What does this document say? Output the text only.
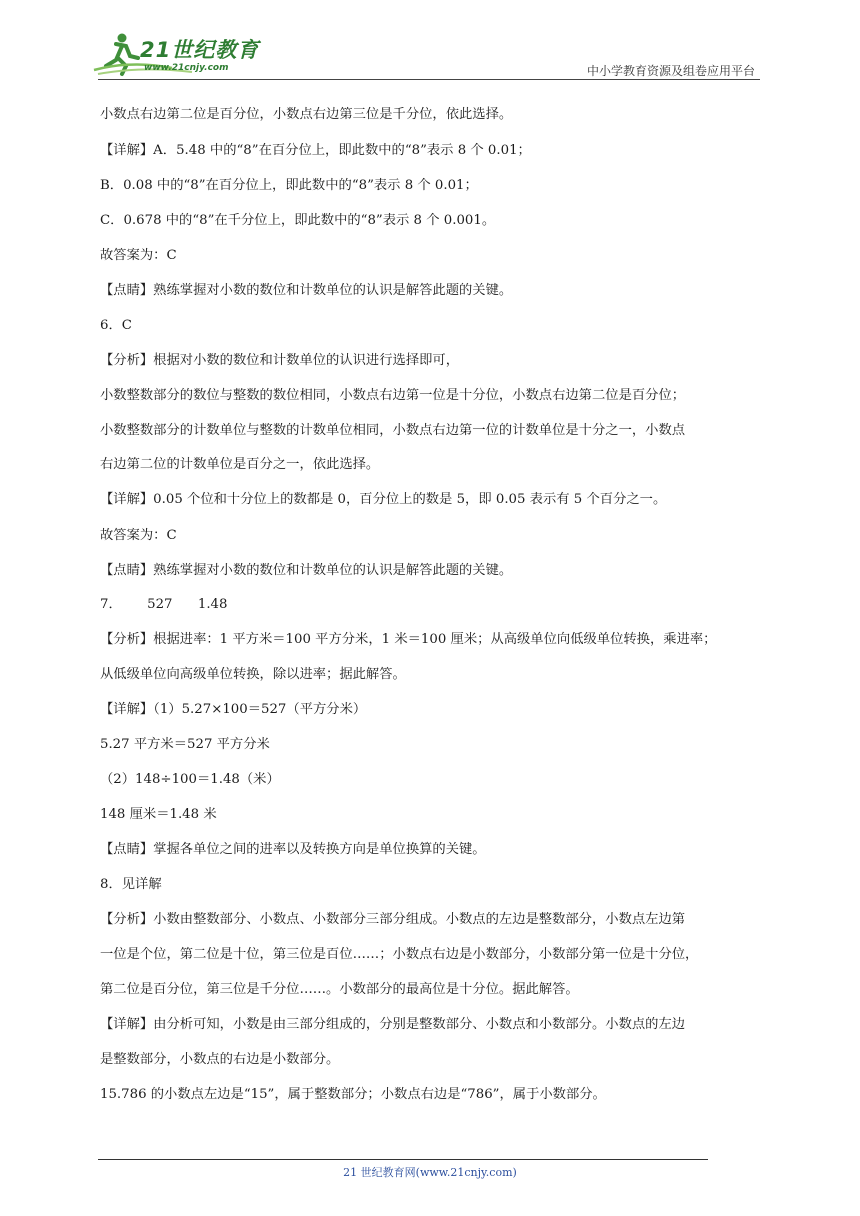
21世纪教育
www.21cnjy.com	中小学教育资源及组卷应用平台

小数点右边第二位是百分位，小数点右边第三位是千分位，依此选择。

【详解】A．5.48 中的“8”在百分位上，即此数中的“8”表示 8 个 0.01；

B．0.08 中的“8”在百分位上，即此数中的“8”表示 8 个 0.01；

C．0.678 中的“8”在千分位上，即此数中的“8”表示 8 个 0.001。

故答案为：C

【点睛】熟练掌握对小数的数位和计数单位的认识是解答此题的关键。

6．C

【分析】根据对小数的数位和计数单位的认识进行选择即可，

小数整数部分的数位与整数的数位相同，小数点右边第一位是十分位，小数点右边第二位是百分位；

小数整数部分的计数单位与整数的计数单位相同，小数点右边第一位的计数单位是十分之一，小数点

右边第二位的计数单位是百分之一，依此选择。

【详解】0.05 个位和十分位上的数都是 0，百分位上的数是 5，即 0.05 表示有 5 个百分之一。

故答案为：C

【点睛】熟练掌握对小数的数位和计数单位的认识是解答此题的关键。

7．      527      1.48

【分析】根据进率：1 平方米＝100 平方分米，1 米＝100 厘米；从高级单位向低级单位转换，乘进率；

从低级单位向高级单位转换，除以进率；据此解答。

【详解】（1）5.27×100＝527（平方分米）

5.27 平方米＝527 平方分米

（2）148÷100＝1.48（米）

148 厘米＝1.48 米

【点睛】掌握各单位之间的进率以及转换方向是单位换算的关键。

8．见详解

【分析】小数由整数部分、小数点、小数部分三部分组成。小数点的左边是整数部分，小数点左边第

一位是个位，第二位是十位，第三位是百位……；小数点右边是小数部分，小数部分第一位是十分位，

第二位是百分位，第三位是千分位……。小数部分的最高位是十分位。据此解答。

【详解】由分析可知，小数是由三部分组成的，分别是整数部分、小数点和小数部分。小数点的左边

是整数部分，小数点的右边是小数部分。

15.786 的小数点左边是“15”，属于整数部分；小数点右边是“786”，属于小数部分。

21 世纪教育网(www.21cnjy.com)
